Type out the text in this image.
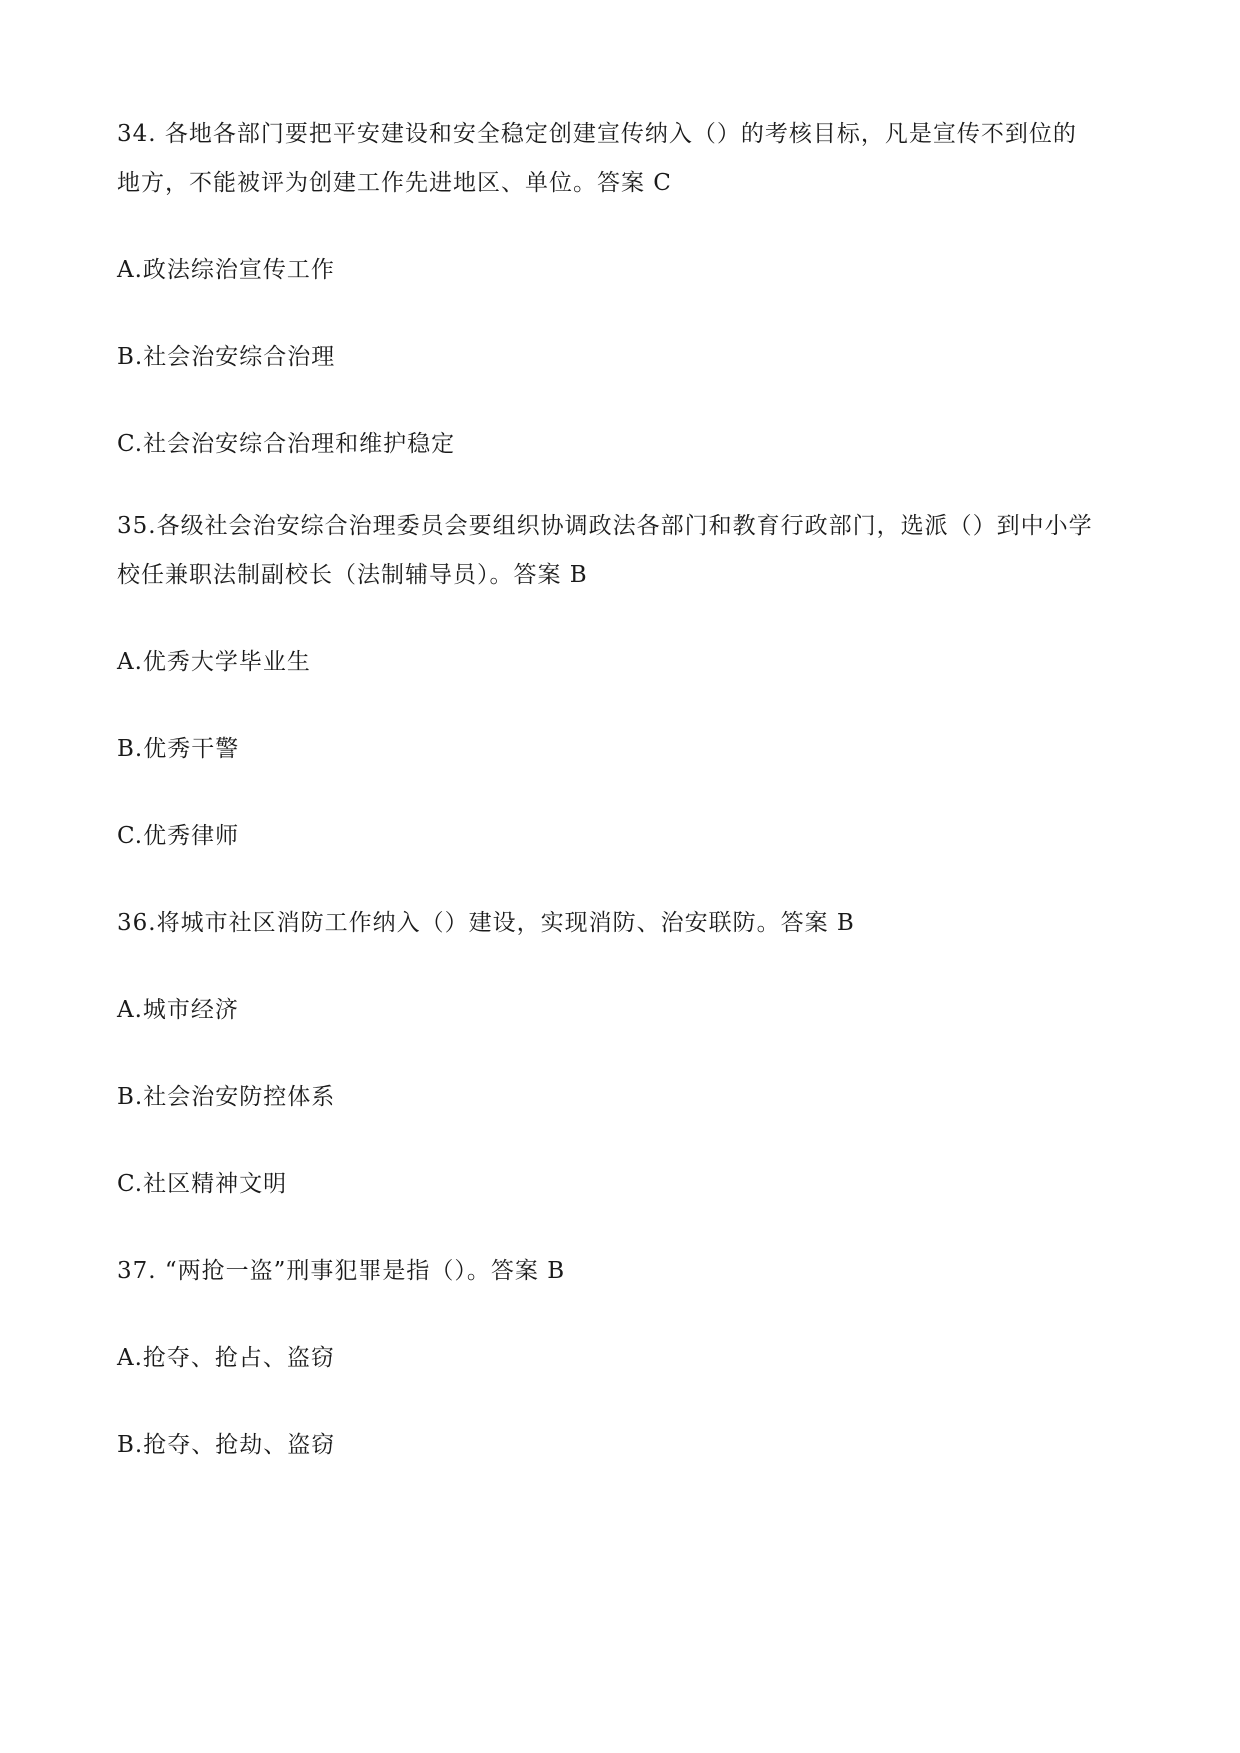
34. 各地各部门要把平安建设和安全稳定创建宣传纳入（）的考核目标，凡是宣传不到位的
地方，不能被评为创建工作先进地区、单位。答案 C
A.政法综治宣传工作
B.社会治安综合治理
C.社会治安综合治理和维护稳定
35.各级社会治安综合治理委员会要组织协调政法各部门和教育行政部门，选派（）到中小学
校任兼职法制副校长（法制辅导员）。答案 B
A.优秀大学毕业生
B.优秀干警
C.优秀律师
36.将城市社区消防工作纳入（）建设，实现消防、治安联防。答案 B
A.城市经济
B.社会治安防控体系
C.社区精神文明
37. “两抢一盗”刑事犯罪是指（）。答案 B
A.抢夺、抢占、盗窃
B.抢夺、抢劫、盗窃
